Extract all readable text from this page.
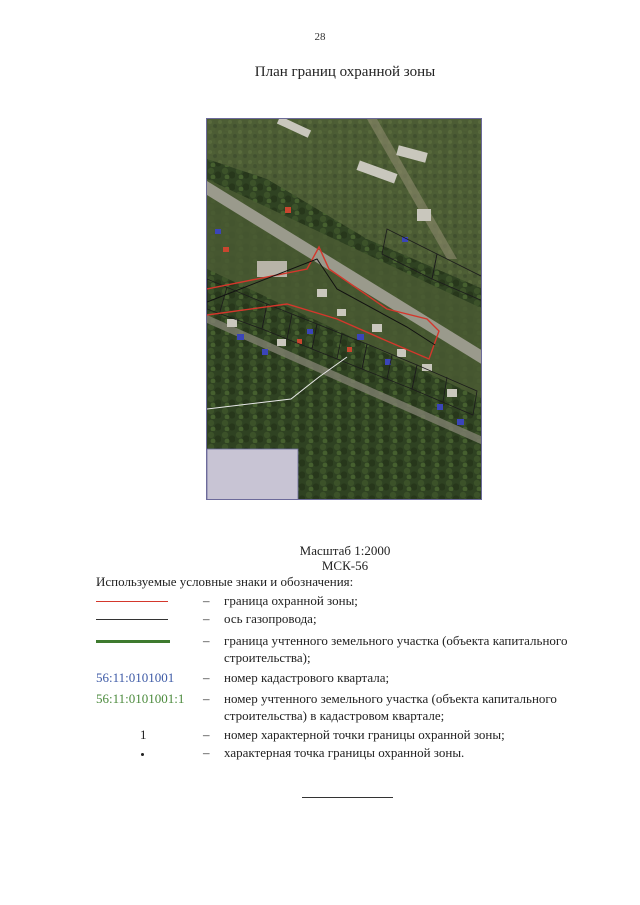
28
План границ охранной зоны
Масштаб 1:2000
МСК-56
Используемые условные знаки и обозначения:
– граница охранной зоны;
– ось газопровода;
– граница учтенного земельного участка (объекта капитального строительства);
56:11:0101001 – номер кадастрового квартала;
56:11:0101001:1 – номер учтенного земельного участка (объекта капитального строительства) в кадастровом квартале;
1	– номер характерной точки границы охранной зоны;
– характерная точка границы охранной зоны.
